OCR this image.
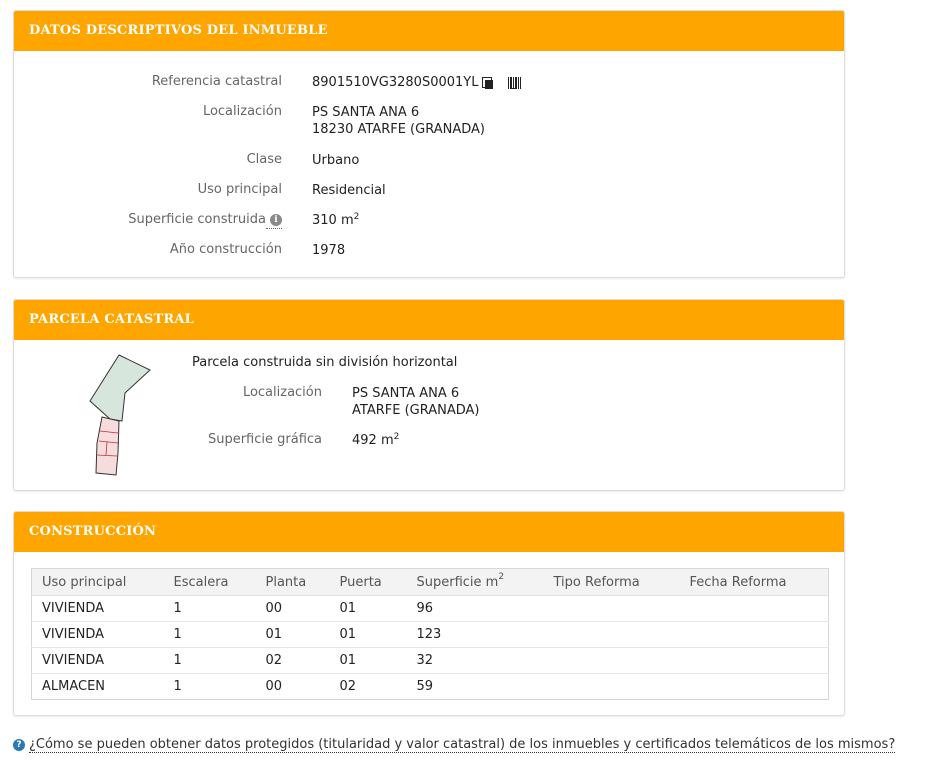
DATOS DESCRIPTIVOS DEL INMUEBLE
Referencia catastral 8901510VG3280S0001YL
Localización PS SANTA ANA 6
18230 ATARFE (GRANADA)
Clase Urbano
Uso principal Residencial
Superficie construida i	310 $m^2$
Año construcción 1978
PARCELA CATASTRAL
Parcela construida sin división horizontal
Localización PS SANTA ANA 6
ATARFE (GRANADA)
Superficie gráfica 492 $m^2$
CONSTRUCCIÓN
Uso principal	Escalera	Planta	Puerta	Superficie $m^2$	Tipo Reforma	Fecha Reforma
VIVIENDA	1	00	01	96		
VIVIENDA	1	01	01	123		
VIVIENDA	1	02	01	32		
ALMACEN	1	00	02	59		
? ¿Cómo se pueden obtener datos protegidos (titularidad y valor catastral) de los inmuebles y certificados telemáticos de los mismos?
